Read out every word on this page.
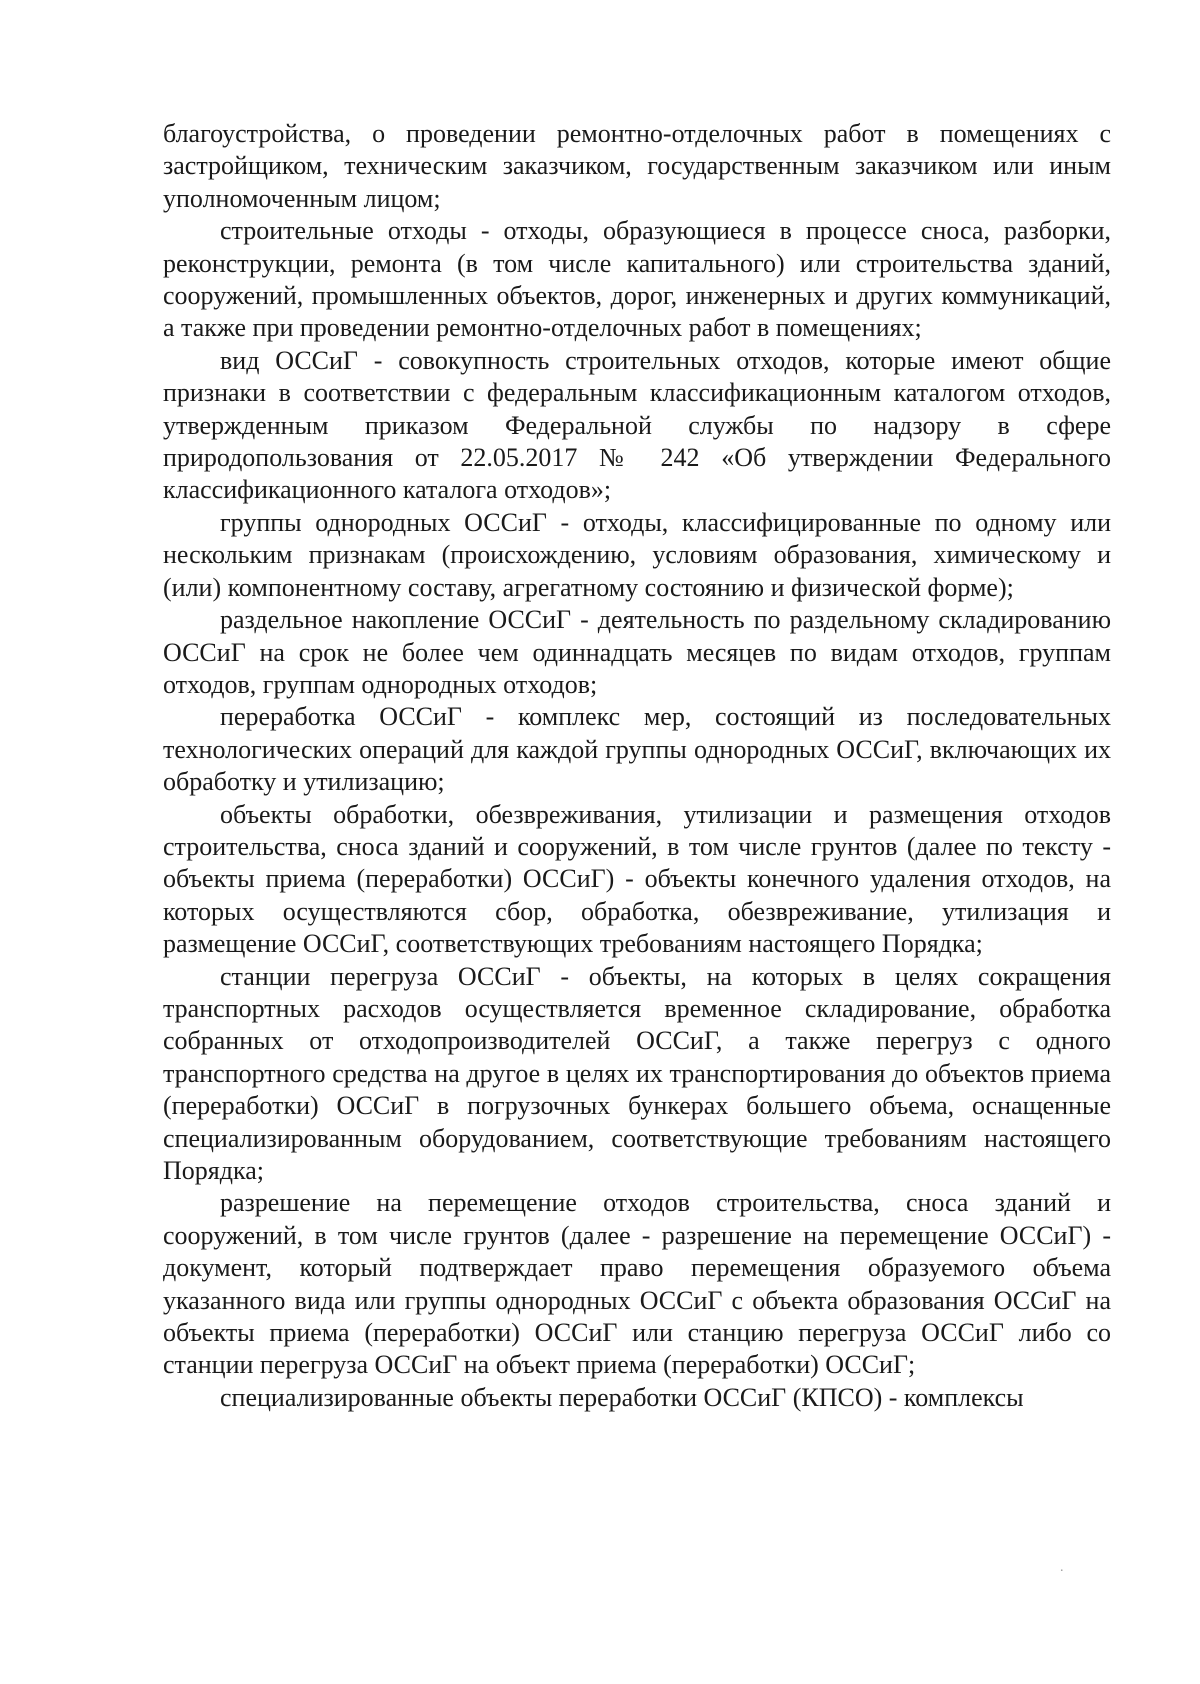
благоустройства, о проведении ремонтно-отделочных работ в помещениях с застройщиком, техническим заказчиком, государственным заказчиком или иным уполномоченным лицом;

строительные отходы - отходы, образующиеся в процессе сноса, разборки, реконструкции, ремонта (в том числе капитального) или строительства зданий, сооружений, промышленных объектов, дорог, инженерных и других коммуникаций, а также при проведении ремонтно-отделочных работ в помещениях;

вид ОССиГ - совокупность строительных отходов, которые имеют общие признаки в соответствии с федеральным классификационным каталогом отходов, утвержденным приказом Федеральной службы по надзору в сфере природопользования от 22.05.2017 № 242 «Об утверждении Федерального классификационного каталога отходов»;

группы однородных ОССиГ - отходы, классифицированные по одному или нескольким признакам (происхождению, условиям образования, химическому и (или) компонентному составу, агрегатному состоянию и физической форме);

раздельное накопление ОССиГ - деятельность по раздельному складированию ОССиГ на срок не более чем одиннадцать месяцев по видам отходов, группам отходов, группам однородных отходов;

переработка ОССиГ - комплекс мер, состоящий из последовательных технологических операций для каждой группы однородных ОССиГ, включающих их обработку и утилизацию;

объекты обработки, обезвреживания, утилизации и размещения отходов строительства, сноса зданий и сооружений, в том числе грунтов (далее по тексту - объекты приема (переработки) ОССиГ) - объекты конечного удаления отходов, на которых осуществляются сбор, обработка, обезвреживание, утилизация и размещение ОССиГ, соответствующих требованиям настоящего Порядка;

станции перегруза ОССиГ - объекты, на которых в целях сокращения транспортных расходов осуществляется временное складирование, обработка собранных от отходопроизводителей ОССиГ, а также перегруз с одного транспортного средства на другое в целях их транспортирования до объектов приема (переработки) ОССиГ в погрузочных бункерах большего объема, оснащенные специализированным оборудованием, соответствующие требованиям настоящего Порядка;

разрешение на перемещение отходов строительства, сноса зданий и сооружений, в том числе грунтов (далее - разрешение на перемещение ОССиГ) - документ, который подтверждает право перемещения образуемого объема указанного вида или группы однородных ОССиГ с объекта образования ОССиГ на объекты приема (переработки) ОССиГ или станцию перегруза ОССиГ либо со станции перегруза ОССиГ на объект приема (переработки) ОССиГ;

специализированные объекты переработки ОССиГ (КПСО) - комплексы

.
